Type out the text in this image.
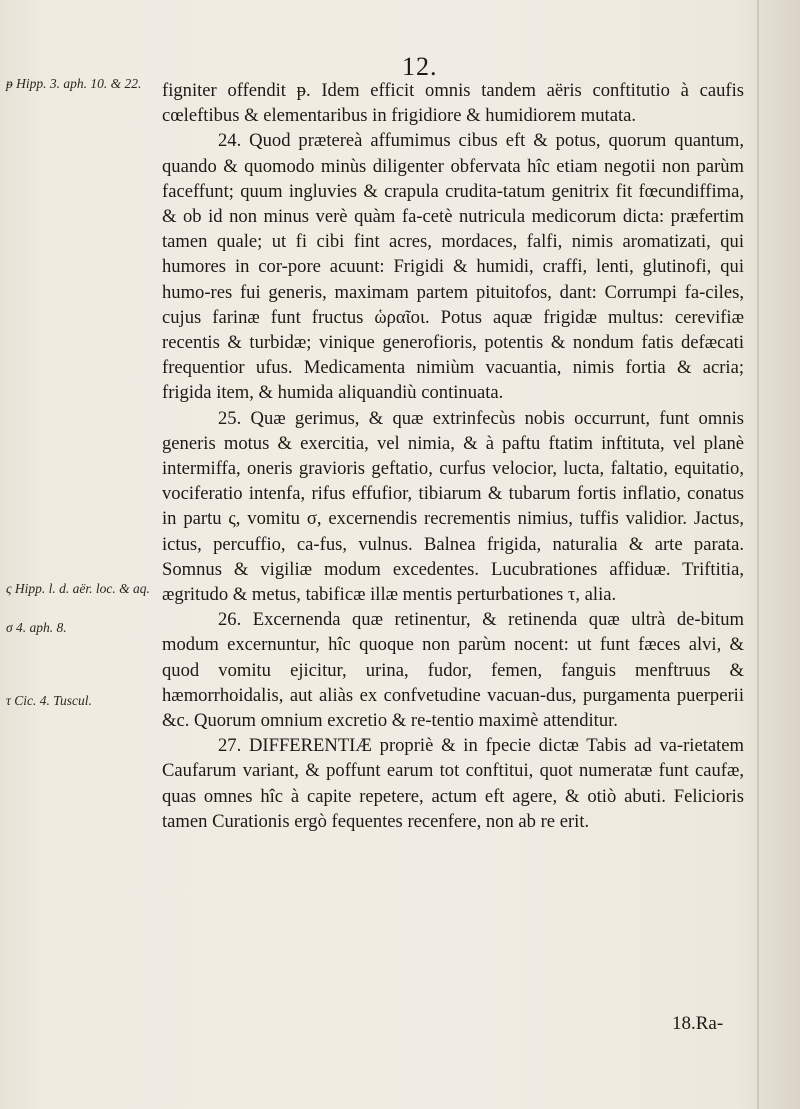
12.
ᵽ Hipp. 3. aph. 10. & 22.
ς Hipp. l. d. aër. loc. & aq.
σ 4. aph. 8.
τ Cic. 4. Tuscul.

figniter offendit ᵽ. Idem efficit omnis tandem aëris conftitutio à caufis cœleftibus & elementaribus in frigidiore & humidiorem mutata.

24. Quod prætereà affumimus cibus eft & potus, quorum quantum, quando & quomodo minùs diligenter obfervata hîc etiam negotii non parùm faceffunt; quum ingluvies & crapula crudita-tatum genitrix fit fœcundiffima, & ob id non minus verè quàm fa-cetè nutricula medicorum dicta: præfertim tamen quale; ut fi cibi fint acres, mordaces, falfi, nimis aromatizati, qui humores in cor-pore acuunt: Frigidi & humidi, craffi, lenti, glutinofi, qui humo-res fui generis, maximam partem pituitofos, dant: Corrumpi fa-ciles, cujus farinæ funt fructus ὡραῖοι. Potus aquæ frigidæ multus: cerevifiæ recentis & turbidæ; vinique generofioris, potentis & nondum fatis defæcati frequentior ufus. Medicamenta nimiùm vacuantia, nimis fortia & acria; frigida item, & humida aliquandiù continuata.

25. Quæ gerimus, & quæ extrinfecùs nobis occurrunt, funt omnis generis motus & exercitia, vel nimia, & à paftu ftatim inftituta, vel planè intermiffa, oneris gravioris geftatio, curfus velocior, lucta, faltatio, equitatio, vociferatio intenfa, rifus effufior, tibiarum & tubarum fortis inflatio, conatus in partu ς, vomitu σ, excernendis recrementis nimius, tuffis validior. Jactus, ictus, percuffio, ca-fus, vulnus. Balnea frigida, naturalia & arte parata. Somnus & vigiliæ modum excedentes. Lucubrationes affiduæ. Triftitia, ægritudo & metus, tabificæ illæ mentis perturbationes τ, alia.

26. Excernenda quæ retinentur, & retinenda quæ ultrà de-bitum modum excernuntur, hîc quoque non parùm nocent: ut funt fæces alvi, & quod vomitu ejicitur, urina, fudor, femen, fanguis menftruus & hæmorrhoidalis, aut aliàs ex confvetudine vacuan-dus, purgamenta puerperii &c. Quorum omnium excretio & re-tentio maximè attenditur.

27. DIFFERENTIÆ propriè & in fpecie dictæ Tabis ad va-rietatem Caufarum variant, & poffunt earum tot conftitui, quot numeratæ funt caufæ, quas omnes hîc à capite repetere, actum eft agere, & otiò abuti. Felicioris tamen Curationis ergò fequentes recenfere, non ab re erit.

18.Ra-
